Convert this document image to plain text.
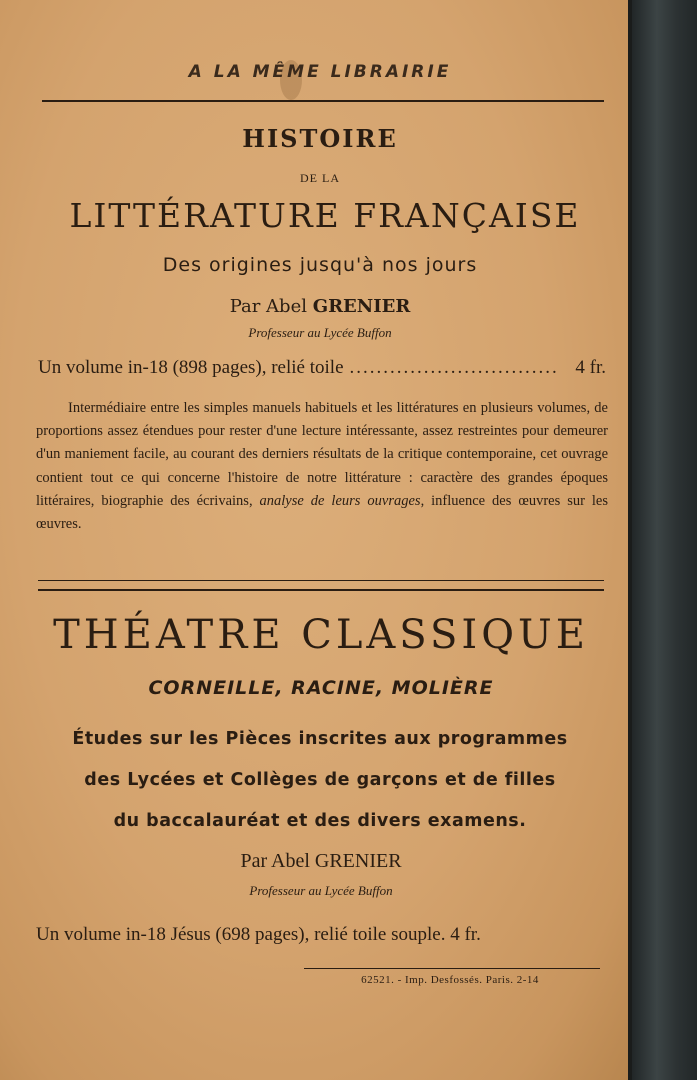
A LA MÊME LIBRAIRIE
HISTOIRE
DE LA
LITTÉRATURE FRANÇAISE
Des origines jusqu'à nos jours
Par Abel GRENIER
Professeur au Lycée Buffon
Un volume in-18 (898 pages), relié toile ............................... 4 fr.
Intermédiaire entre les simples manuels habituels et les littératures en plusieurs volumes, de proportions assez étendues pour rester d'une lecture intéressante, assez restreintes pour demeurer d'un maniement facile, au courant des derniers résultats de la critique contemporaine, cet ouvrage contient tout ce qui concerne l'histoire de notre littérature : caractère des grandes époques littéraires, biographie des écrivains, analyse de leurs ouvrages, influence des œuvres sur les œuvres.
THÉATRE CLASSIQUE
CORNEILLE, RACINE, MOLIÈRE
Études sur les Pièces inscrites aux programmes
des Lycées et Collèges de garçons et de filles
du baccalauréat et des divers examens.
Par Abel GRENIER
Professeur au Lycée Buffon
Un volume in-18 Jésus (698 pages), relié toile souple. 4 fr.
62521. - Imp. Desfossés. Paris. 2-14
